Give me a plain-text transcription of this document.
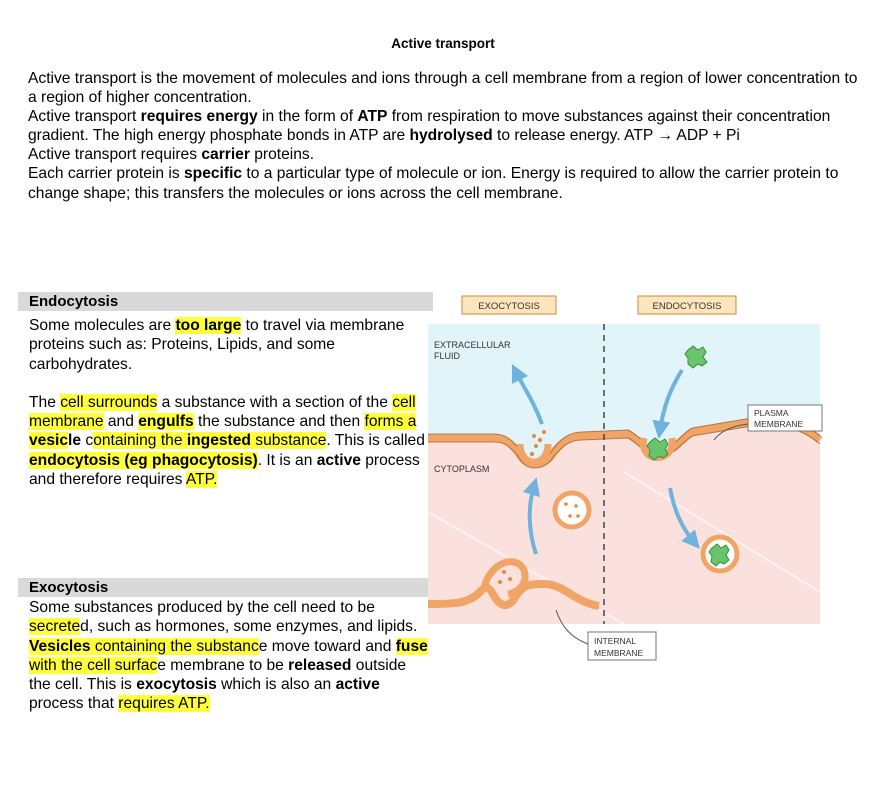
Active transport

Active transport is the movement of molecules and ions through a cell membrane from a region of lower concentration to a region of higher concentration.

Active transport requires energy in the form of ATP from respiration to move substances against their concentration gradient. The high energy phosphate bonds in ATP are hydrolysed to release energy. ATP → ADP + Pi

Active transport requires carrier proteins.

Each carrier protein is specific to a particular type of molecule or ion. Energy is required to allow the carrier protein to change shape; this transfers the molecules or ions across the cell membrane.

Endocytosis

Some molecules are too large to travel via membrane proteins such as: Proteins, Lipids, and some carbohydrates.

The cell surrounds a substance with a section of the cell membrane and engulfs the substance and then forms a vesicle containing the ingested substance. This is called endocytosis (eg phagocytosis). It is an active process and therefore requires ATP.

Exocytosis

Some substances produced by the cell need to be secreted, such as hormones, some enzymes, and lipids.

Vesicles containing the substance move toward and fuse with the cell surface membrane to be released outside the cell. This is exocytosis which is also an active process that requires ATP.

EXOCYTOSIS	ENDOCYTOSIS
EXTRACELLULAR
FLUID
CYTOPLASM
PLASMA
MEMBRANE
INTERNAL
MEMBRANE
